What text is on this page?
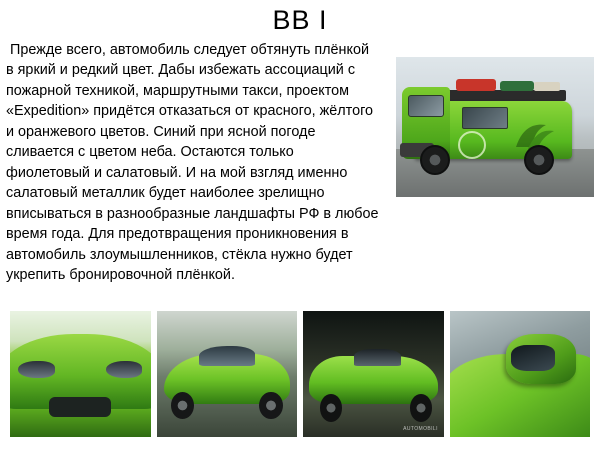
ВВ I
Прежде всего, автомобиль следует обтянуть плёнкой в яркий и редкий цвет. Дабы избежать ассоциаций с пожарной техникой, маршрутными такси, проектом «Expedition» придётся отказаться от красного, жёлтого и оранжевого цветов. Синий при ясной погоде сливается с цветом неба. Остаются только фиолетовый и салатовый. И на мой взгляд именно салатовый металлик будет наиболее зрелищно вписываться в разнообразные ландшафты РФ в любое время года. Для предотвращения проникновения в автомобиль злоумышленников, стёкла нужно будет укрепить бронировочной плёнкой.
AUTOMOBILI
